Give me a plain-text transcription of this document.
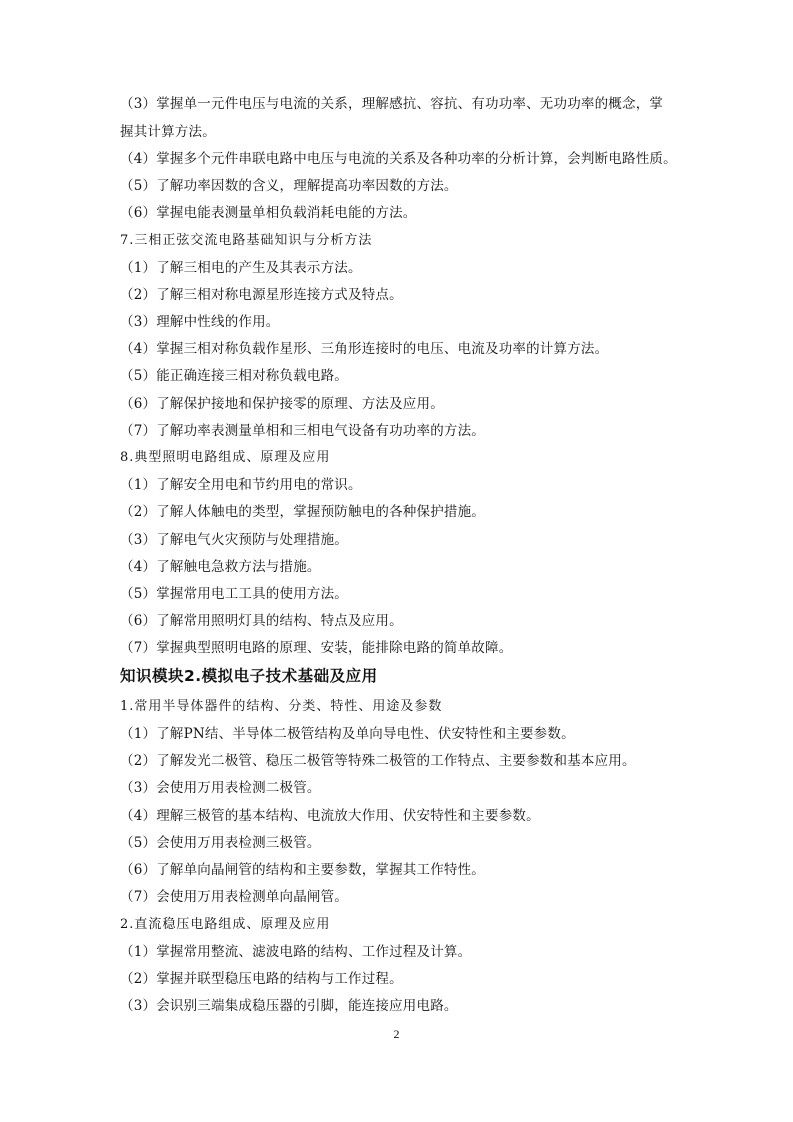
（3）掌握单一元件电压与电流的关系，理解感抗、容抗、有功功率、无功功率的概念，掌
握其计算方法。
（4）掌握多个元件串联电路中电压与电流的关系及各种功率的分析计算，会判断电路性质。
（5）了解功率因数的含义，理解提高功率因数的方法。
（6）掌握电能表测量单相负载消耗电能的方法。
7.三相正弦交流电路基础知识与分析方法
（1）了解三相电的产生及其表示方法。
（2）了解三相对称电源星形连接方式及特点。
（3）理解中性线的作用。
（4）掌握三相对称负载作星形、三角形连接时的电压、电流及功率的计算方法。
（5）能正确连接三相对称负载电路。
（6）了解保护接地和保护接零的原理、方法及应用。
（7）了解功率表测量单相和三相电气设备有功功率的方法。
8.典型照明电路组成、原理及应用
（1）了解安全用电和节约用电的常识。
（2）了解人体触电的类型，掌握预防触电的各种保护措施。
（3）了解电气火灾预防与处理措施。
（4）了解触电急救方法与措施。
（5）掌握常用电工工具的使用方法。
（6）了解常用照明灯具的结构、特点及应用。
（7）掌握典型照明电路的原理、安装，能排除电路的简单故障。
知识模块2.模拟电子技术基础及应用
1.常用半导体器件的结构、分类、特性、用途及参数
（1）了解PN结、半导体二极管结构及单向导电性、伏安特性和主要参数。
（2）了解发光二极管、稳压二极管等特殊二极管的工作特点、主要参数和基本应用。
（3）会使用万用表检测二极管。
（4）理解三极管的基本结构、电流放大作用、伏安特性和主要参数。
（5）会使用万用表检测三极管。
（6）了解单向晶闸管的结构和主要参数，掌握其工作特性。
（7）会使用万用表检测单向晶闸管。
2.直流稳压电路组成、原理及应用
（1）掌握常用整流、滤波电路的结构、工作过程及计算。
（2）掌握并联型稳压电路的结构与工作过程。
（3）会识别三端集成稳压器的引脚，能连接应用电路。
2
